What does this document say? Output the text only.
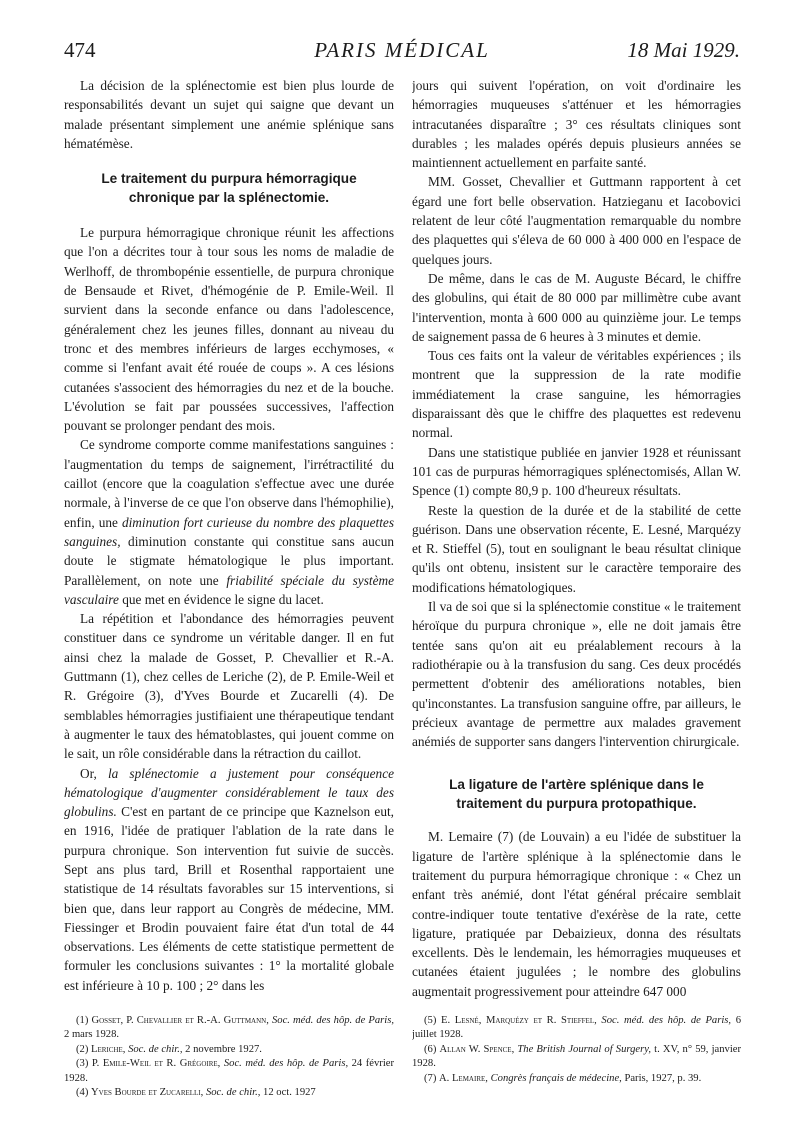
474	PARIS MÉDICAL	18 Mai 1929.

La décision de la splénectomie est bien plus lourde de responsabilités devant un sujet qui saigne que devant un malade présentant simplement une anémie splénique sans hématémèse.

Le traitement du purpura hémorragique chronique par la splénectomie.

Le purpura hémorragique chronique réunit les affections que l'on a décrites tour à tour sous les noms de maladie de Werlhoff, de thrombopénie essentielle, de purpura chronique de Bensaude et Rivet, d'hémogénie de P. Emile-Weil. Il survient dans la seconde enfance ou dans l'adolescence, généralement chez les jeunes filles, donnant au niveau du tronc et des membres inférieurs de larges ecchymoses, « comme si l'enfant avait été rouée de coups ». A ces lésions cutanées s'associent des hémorragies du nez et de la bouche. L'évolution se fait par poussées successives, l'affection pouvant se prolonger pendant des mois.

Ce syndrome comporte comme manifestations sanguines : l'augmentation du temps de saignement, l'irrétractilité du caillot (encore que la coagulation s'effectue avec une durée normale, à l'inverse de ce que l'on observe dans l'hémophilie), enfin, une diminution fort curieuse du nombre des plaquettes sanguines, diminution constante qui constitue sans aucun doute le stigmate hématologique le plus important. Parallèlement, on note une friabilité spéciale du système vasculaire que met en évidence le signe du lacet.

La répétition et l'abondance des hémorragies peuvent constituer dans ce syndrome un véritable danger. Il en fut ainsi chez la malade de Gosset, P. Chevallier et R.-A. Guttmann (1), chez celles de Leriche (2), de P. Emile-Weil et R. Grégoire (3), d'Yves Bourde et Zucarelli (4). De semblables hémorragies justifiaient une thérapeutique tendant à augmenter le taux des hématoblastes, qui jouent comme on le sait, un rôle considérable dans la rétraction du caillot.

Or, la splénectomie a justement pour conséquence hématologique d'augmenter considérablement le taux des globulins. C'est en partant de ce principe que Kaznelson eut, en 1916, l'idée de pratiquer l'ablation de la rate dans le purpura chronique. Son intervention fut suivie de succès. Sept ans plus tard, Brill et Rosenthal rapportaient une statistique de 14 résultats favorables sur 15 interventions, si bien que, dans leur rapport au Congrès de médecine, MM. Fiessinger et Brodin pouvaient faire état d'un total de 44 observations. Les éléments de cette statistique permettent de formuler les conclusions suivantes : 1° la mortalité globale est inférieure à 10 p. 100 ; 2° dans les

jours qui suivent l'opération, on voit d'ordinaire les hémorragies muqueuses s'atténuer et les hémorragies intracutanées disparaître ; 3° ces résultats cliniques sont durables ; les malades opérés depuis plusieurs années se maintiennent actuellement en parfaite santé.

MM. Gosset, Chevallier et Guttmann rapportent à cet égard une fort belle observation. Hatzieganu et Iacobovici relatent de leur côté l'augmentation remarquable du nombre des plaquettes qui s'éleva de 60 000 à 400 000 en l'espace de quelques jours.

De même, dans le cas de M. Auguste Bécard, le chiffre des globulins, qui était de 80 000 par millimètre cube avant l'intervention, monta à 600 000 au quinzième jour. Le temps de saignement passa de 6 heures à 3 minutes et demie.

Tous ces faits ont la valeur de véritables expériences ; ils montrent que la suppression de la rate modifie immédiatement la crase sanguine, les hémorragies disparaissant dès que le chiffre des plaquettes est redevenu normal.

Dans une statistique publiée en janvier 1928 et réunissant 101 cas de purpuras hémorragiques splénectomisés, Allan W. Spence (1) compte 80,9 p. 100 d'heureux résultats.

Reste la question de la durée et de la stabilité de cette guérison. Dans une observation récente, E. Lesné, Marquézy et R. Stieffel (5), tout en soulignant le beau résultat clinique qu'ils ont obtenu, insistent sur le caractère temporaire des modifications hématologiques.

Il va de soi que si la splénectomie constitue « le traitement héroïque du purpura chronique », elle ne doit jamais être tentée sans qu'on ait eu préalablement recours à la radiothérapie ou à la transfusion du sang. Ces deux procédés permettent d'obtenir des améliorations notables, bien qu'inconstantes. La transfusion sanguine offre, par ailleurs, le précieux avantage de permettre aux malades gravement anémiés de supporter sans dangers l'intervention chirurgicale.

La ligature de l'artère splénique dans le traitement du purpura protopathique.

M. Lemaire (7) (de Louvain) a eu l'idée de substituer la ligature de l'artère splénique à la splénectomie dans le traitement du purpura hémorragique chronique : « Chez un enfant très anémié, dont l'état général précaire semblait contre-indiquer toute tentative d'exérèse de la rate, cette ligature, pratiquée par Debaizieux, donna des résultats excellents. Dès le lendemain, les hémorragies muqueuses et cutanées étaient jugulées ; le nombre des globulins augmentait progressivement pour atteindre 647 000

(1) Gosset, P. Chevallier et R.-A. Guttmann, Soc. méd. des hôp. de Paris, 2 mars 1928.

(2) Leriche, Soc. de chir., 2 novembre 1927.

(3) P. Emile-Weil et R. Grégoire, Soc. méd. des hôp. de Paris, 24 février 1928.

(4) Yves Bourde et Zucarelli, Soc. de chir., 12 oct. 1927

(5) E. Lesné, Marquézy et R. Stieffel, Soc. méd. des hôp. de Paris, 6 juillet 1928.

(6) Allan W. Spence, The British Journal of Surgery, t. XV, n° 59, janvier 1928.

(7) A. Lemaire, Congrès français de médecine, Paris, 1927, p. 39.
